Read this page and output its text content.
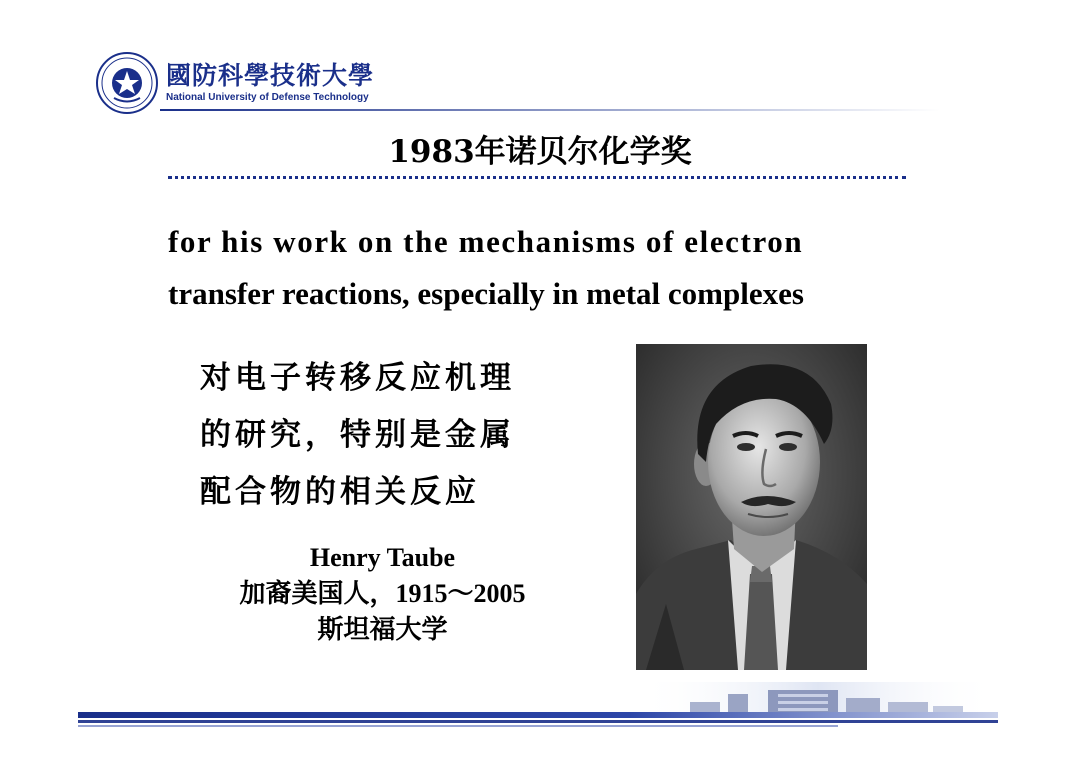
國防科學技術大學
National University of Defense Technology
1983年诺贝尔化学奖
for his work on the mechanisms of electron
transfer reactions, especially in metal complexes
对电子转移反应机理
的研究，特别是金属
配合物的相关反应
Henry Taube
加裔美国人，1915～2005
斯坦福大学
